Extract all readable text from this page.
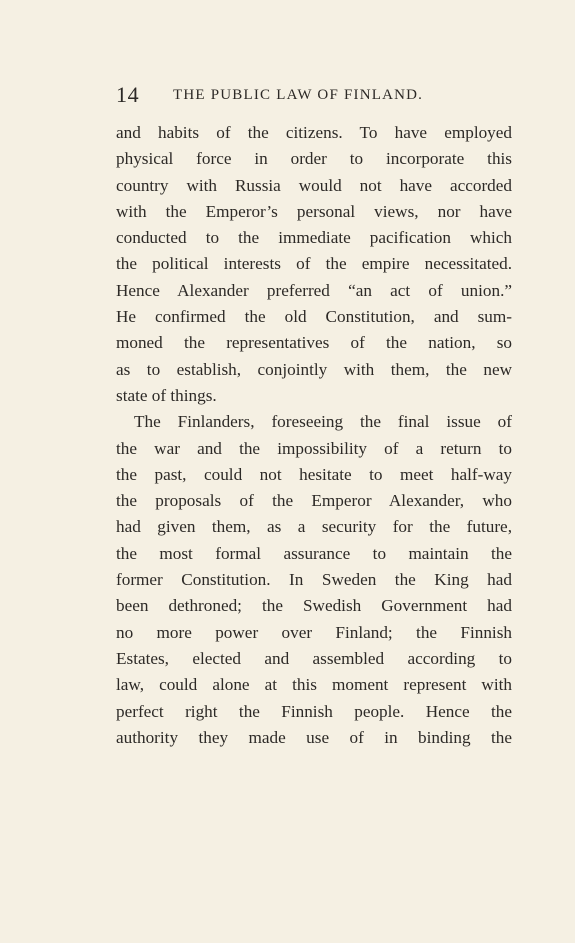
14 THE PUBLIC LAW OF FINLAND.
and habits of the citizens. To have employed
physical force in order to incorporate this
country with Russia would not have accorded
with the Emperor’s personal views, nor have
conducted to the immediate pacification which
the political interests of the empire necessitated.
Hence Alexander preferred “an act of union.”
He confirmed the old Constitution, and sum-
moned the representatives of the nation, so
as to establish, conjointly with them, the new
state of things.
The Finlanders, foreseeing the final issue of
the war and the impossibility of a return to
the past, could not hesitate to meet half-way
the proposals of the Emperor Alexander, who
had given them, as a security for the future,
the most formal assurance to maintain the
former Constitution. In Sweden the King had
been dethroned; the Swedish Government had
no more power over Finland; the Finnish
Estates, elected and assembled according to
law, could alone at this moment represent with
perfect right the Finnish people. Hence the
authority they made use of in binding the
